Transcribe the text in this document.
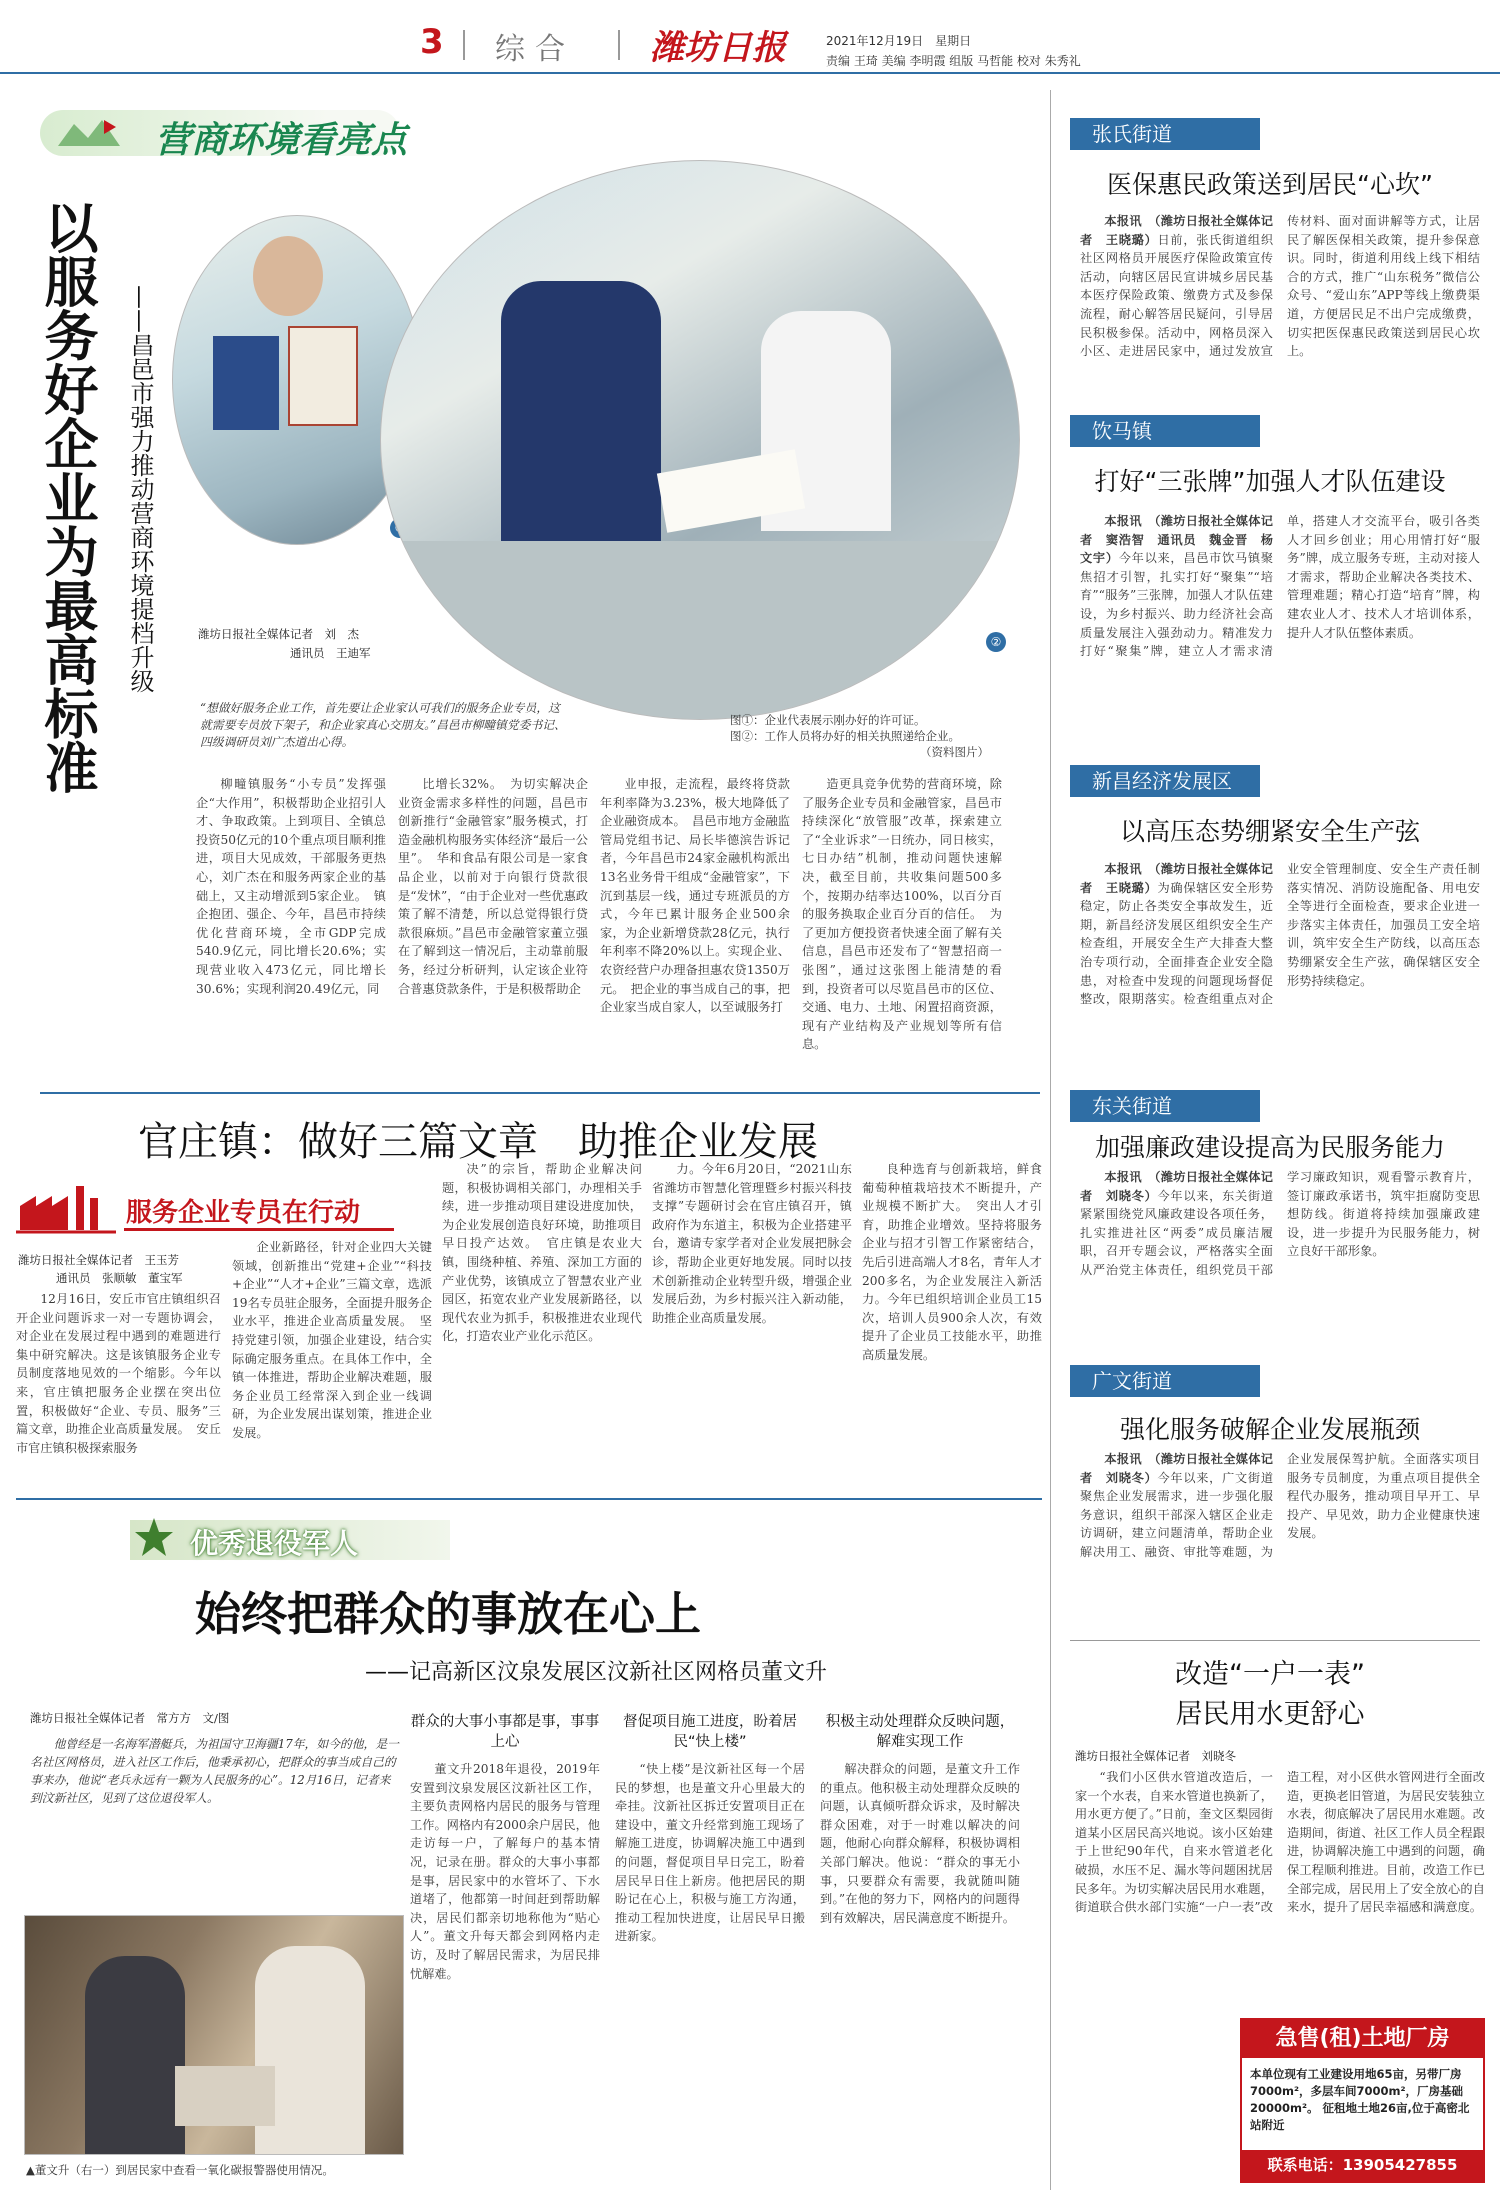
3 综合 潍坊日报	2021年12月19日　星期日
责编 王琦 美编 李明霞 组版 马哲能 校对 朱秀礼
营商环境看亮点
以服务好企业为最高标准 ——昌邑市强力推动营商环境提档升级	②
潍坊日报社全媒体记者　刘　杰
通讯员　王迪军
“想做好服务企业工作，首先要让企业家认可我们的服务企业专员，这就需要专员放下架子，和企业家真心交朋友。”昌邑市柳疃镇党委书记、四级调研员刘广杰道出心得。
图①：企业代表展示刚办好的许可证。
图②：工作人员将办好的相关执照递给企业。
（资料图片）

柳疃镇服务“小专员”发挥强企“大作用”，积极帮助企业招引人才、争取政策。上到项目、全镇总投资50亿元的10个重点项目顺利推进，项目大见成效，干部服务更热心，刘广杰在和服务两家企业的基础上，又主动增派到5家企业。　镇企抱团、强企、今年，昌邑市持续优化营商环境，全市GDP完成540.9亿元，同比增长20.6%；实现营业收入473亿元，同比增长30.6%；实现利润20.49亿元，同

比增长32%。　为切实解决企业资金需求多样性的问题，昌邑市创新推行“金融管家”服务模式，打造金融机构服务实体经济“最后一公里”。　华和食品有限公司是一家食品企业，以前对于向银行贷款很是“发怵”，“由于企业对一些优惠政策了解不清楚，所以总觉得银行贷款很麻烦。”昌邑市金融管家董立强在了解到这一情况后，主动靠前服务，经过分析研判，认定该企业符合普惠贷款条件，于是积极帮助企

业申报，走流程，最终将贷款年利率降为3.23%，极大地降低了企业融资成本。　昌邑市地方金融监管局党组书记、局长毕德滨告诉记者，今年昌邑市24家金融机构派出13名业务骨干组成“金融管家”，下沉到基层一线，通过专班派员的方式，今年已累计服务企业500余家，为企业新增贷款28亿元，执行年利率不降20%以上。实现企业、农资经营户办理备担惠农贷1350万元。　把企业的事当成自己的事，把企业家当成自家人，以至诚服务打

造更具竞争优势的营商环境，除了服务企业专员和金融管家，昌邑市持续深化“放管服”改革，探索建立了“全业诉求”一日统办，同日核实，七日办结”机制，推动问题快速解决，截至目前，共收集问题500多个，按期办结率达100%，以百分百的服务换取企业百分百的信任。　为了更加方便投资者快速全面了解有关信息，昌邑市还发布了“智慧招商一张图”，通过这张图上能清楚的看到，投资者可以尽览昌邑市的区位、交通、电力、土地、闲置招商资源，现有产业结构及产业规划等所有信息。

官庄镇：做好三篇文章　助推企业发展
服务企业专员在行动
潍坊日报社全媒体记者　王玉芳
通讯员　张顺敏　董宝军

12月16日，安丘市官庄镇组织召开企业问题诉求一对一专题协调会，对企业在发展过程中遇到的难题进行集中研究解决。这是该镇服务企业专员制度落地见效的一个缩影。今年以来，官庄镇把服务企业摆在突出位置，积极做好“企业、专员、服务”三篇文章，助推企业高质量发展。　安丘市官庄镇积极探索服务

企业新路径，针对企业四大关键领域，创新推出“党建+企业”“科技+企业”“人才+企业”三篇文章，选派19名专员驻企服务，全面提升服务企业水平，推进企业高质量发展。　坚持党建引领，加强企业建设，结合实际确定服务重点。在具体工作中，全镇一体推进，帮助企业解决难题，服务企业员工经常深入到企业一线调研，为企业发展出谋划策，推进企业发展。

决”的宗旨，帮助企业解决问题，积极协调相关部门，办理相关手续，进一步推动项目建设进度加快，为企业发展创造良好环境，助推项目早日投产达效。　官庄镇是农业大镇，围绕种植、养殖、深加工方面的产业优势，该镇成立了智慧农业产业园区，拓宽农业产业发展新路径，以现代农业为抓手，积极推进农业现代化，打造农业产业化示范区。

力。今年6月20日，“2021山东省潍坊市智慧化管理暨乡村振兴科技支撑”专题研讨会在官庄镇召开，镇政府作为东道主，积极为企业搭建平台，邀请专家学者对企业发展把脉会诊，帮助企业更好地发展。同时以技术创新推动企业转型升级，增强企业发展后劲，为乡村振兴注入新动能，助推企业高质量发展。

良种选育与创新栽培，鲜食葡萄种植栽培技术不断提升，产业规模不断扩大。　突出人才引育，助推企业增效。坚持将服务企业与招才引智工作紧密结合，先后引进高端人才8名，青年人才200多名，为企业发展注入新活力。今年已组织培训企业员工15次，培训人员900余人次，有效提升了企业员工技能水平，助推高质量发展。

优秀退役军人
始终把群众的事放在心上
——记高新区汶泉发展区汶新社区网格员董文升
潍坊日报社全媒体记者　常方方　文/图
他曾经是一名海军潜艇兵，为祖国守卫海疆17年，如今的他，是一名社区网格员，进入社区工作后，他秉承初心，把群众的事当成自己的事来办，他说“老兵永远有一颗为人民服务的心”。12月16日，记者来到汶新社区，见到了这位退役军人。
▲董文升（右一）到居民家中查看一氧化碳报警器使用情况。
群众的大事小事都是事，事事上心
督促项目施工进度，盼着居民“快上楼”
积极主动处理群众反映问题，解难实现工作

董文升2018年退役，2019年安置到汶泉发展区汶新社区工作，主要负责网格内居民的服务与管理工作。网格内有2000余户居民，他走访每一户，了解每户的基本情况，记录在册。群众的大事小事都是事，居民家中的水管坏了、下水道堵了，他都第一时间赶到帮助解决，居民们都亲切地称他为“贴心人”。董文升每天都会到网格内走访，及时了解居民需求，为居民排忧解难。

“快上楼”是汶新社区每一个居民的梦想，也是董文升心里最大的牵挂。汶新社区拆迁安置项目正在建设中，董文升经常到施工现场了解施工进度，协调解决施工中遇到的问题，督促项目早日完工，盼着居民早日住上新房。他把居民的期盼记在心上，积极与施工方沟通，推动工程加快进度，让居民早日搬进新家。

解决群众的问题，是董文升工作的重点。他积极主动处理群众反映的问题，认真倾听群众诉求，及时解决群众困难，对于一时难以解决的问题，他耐心向群众解释，积极协调相关部门解决。他说：“群众的事无小事，只要群众有需要，我就随叫随到。”在他的努力下，网格内的问题得到有效解决，居民满意度不断提升。

张氏街道
医保惠民政策送到居民“心坎”

本报讯　（潍坊日报社全媒体记者　王晓璐）日前，张氏街道组织社区网格员开展医疗保险政策宣传活动，向辖区居民宣讲城乡居民基本医疗保险政策、缴费方式及参保流程，耐心解答居民疑问，引导居民积极参保。活动中，网格员深入小区、走进居民家中，通过发放宣传材料、面对面讲解等方式，让居民了解医保相关政策，提升参保意识。同时，街道利用线上线下相结合的方式，推广“山东税务”微信公众号、“爱山东”APP等线上缴费渠道，方便居民足不出户完成缴费，切实把医保惠民政策送到居民心坎上。

饮马镇
打好“三张牌”加强人才队伍建设

本报讯　（潍坊日报社全媒体记者　窦浩智　通讯员　魏金晋　杨文宇）今年以来，昌邑市饮马镇聚焦招才引智，扎实打好“聚集”“培育”“服务”三张牌，加强人才队伍建设，为乡村振兴、助力经济社会高质量发展注入强劲动力。精准发力打好“聚集”牌，建立人才需求清单，搭建人才交流平台，吸引各类人才回乡创业；用心用情打好“服务”牌，成立服务专班，主动对接人才需求，帮助企业解决各类技术、管理难题；精心打造“培育”牌，构建农业人才、技术人才培训体系，提升人才队伍整体素质。

新昌经济发展区
以高压态势绷紧安全生产弦

本报讯　（潍坊日报社全媒体记者　王晓璐）为确保辖区安全形势稳定，防止各类安全事故发生，近期，新昌经济发展区组织安全生产检查组，开展安全生产大排查大整治专项行动，全面排查企业安全隐患，对检查中发现的问题现场督促整改，限期落实。检查组重点对企业安全管理制度、安全生产责任制落实情况、消防设施配备、用电安全等进行全面检查，要求企业进一步落实主体责任，加强员工安全培训，筑牢安全生产防线，以高压态势绷紧安全生产弦，确保辖区安全形势持续稳定。

东关街道
加强廉政建设提高为民服务能力

本报讯　（潍坊日报社全媒体记者　刘晓冬）今年以来，东关街道紧紧围绕党风廉政建设各项任务，扎实推进社区“两委”成员廉洁履职，召开专题会议，严格落实全面从严治党主体责任，组织党员干部学习廉政知识，观看警示教育片，签订廉政承诺书，筑牢拒腐防变思想防线。街道将持续加强廉政建设，进一步提升为民服务能力，树立良好干部形象。

广文街道
强化服务破解企业发展瓶颈

本报讯　（潍坊日报社全媒体记者　刘晓冬）今年以来，广文街道聚焦企业发展需求，进一步强化服务意识，组织干部深入辖区企业走访调研，建立问题清单，帮助企业解决用工、融资、审批等难题，为企业发展保驾护航。全面落实项目服务专员制度，为重点项目提供全程代办服务，推动项目早开工、早投产、早见效，助力企业健康快速发展。

改造“一户一表”
居民用水更舒心
潍坊日报社全媒体记者　刘晓冬

“我们小区供水管道改造后，一家一个水表，自来水管道也换新了，用水更方便了。”日前，奎文区梨园街道某小区居民高兴地说。该小区始建于上世纪90年代，自来水管道老化破损，水压不足、漏水等问题困扰居民多年。为切实解决居民用水难题，街道联合供水部门实施“一户一表”改造工程，对小区供水管网进行全面改造，更换老旧管道，为居民安装独立水表，彻底解决了居民用水难题。改造期间，街道、社区工作人员全程跟进，协调解决施工中遇到的问题，确保工程顺利推进。目前，改造工作已全部完成，居民用上了安全放心的自来水，提升了居民幸福感和满意度。

急售(租)土地厂房
本单位现有工业建设用地65亩，另带厂房7000m²，多层车间7000m²，厂房基础20000m²。 征租地土地26亩,位于高密北站附近
联系电话：13905427855
